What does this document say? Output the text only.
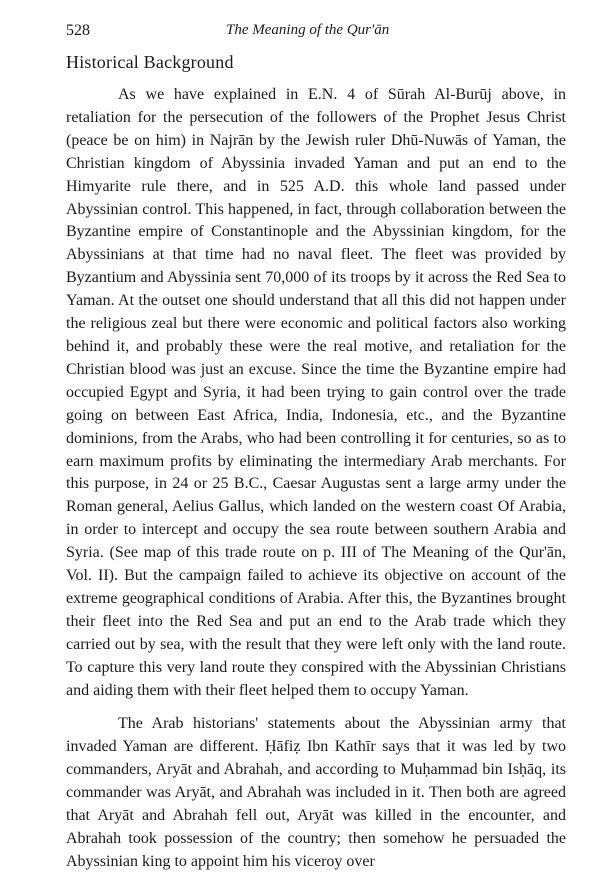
528	The Meaning of the Qur'ān
Historical Background

As we have explained in E.N. 4 of Sūrah Al-Burūj above, in retaliation for the persecution of the followers of the Prophet Jesus Christ (peace be on him) in Najrān by the Jewish ruler Dhū-Nuwās of Yaman, the Christian kingdom of Abyssinia invaded Yaman and put an end to the Himyarite rule there, and in 525 A.D. this whole land passed under Abyssinian control. This happened, in fact, through collaboration between the Byzantine empire of Constantinople and the Abyssinian kingdom, for the Abyssinians at that time had no naval fleet. The fleet was provided by Byzantium and Abyssinia sent 70,000 of its troops by it across the Red Sea to Yaman. At the outset one should understand that all this did not happen under the religious zeal but there were economic and political factors also working behind it, and probably these were the real motive, and retaliation for the Christian blood was just an excuse. Since the time the Byzantine empire had occupied Egypt and Syria, it had been trying to gain control over the trade going on between East Africa, India, Indonesia, etc., and the Byzantine dominions, from the Arabs, who had been controlling it for centuries, so as to earn maximum profits by eliminating the intermediary Arab merchants. For this purpose, in 24 or 25 B.C., Caesar Augustas sent a large army under the Roman general, Aelius Gallus, which landed on the western coast Of Arabia, in order to intercept and occupy the sea route between southern Arabia and Syria. (See map of this trade route on p. III of The Meaning of the Qur'ān, Vol. II). But the campaign failed to achieve its objective on account of the extreme geographical conditions of Arabia. After this, the Byzantines brought their fleet into the Red Sea and put an end to the Arab trade which they carried out by sea, with the result that they were left only with the land route. To capture this very land route they conspired with the Abyssinian Christians and aiding them with their fleet helped them to occupy Yaman.

The Arab historians' statements about the Abyssinian army that invaded Yaman are different. Ḥāfiẓ Ibn Kathīr says that it was led by two commanders, Aryāt and Abrahah, and according to Muḥammad bin Isḥāq, its commander was Aryāt, and Abrahah was included in it. Then both are agreed that Aryāt and Abrahah fell out, Aryāt was killed in the encounter, and Abrahah took possession of the country; then somehow he persuaded the Abyssinian king to appoint him his viceroy over
